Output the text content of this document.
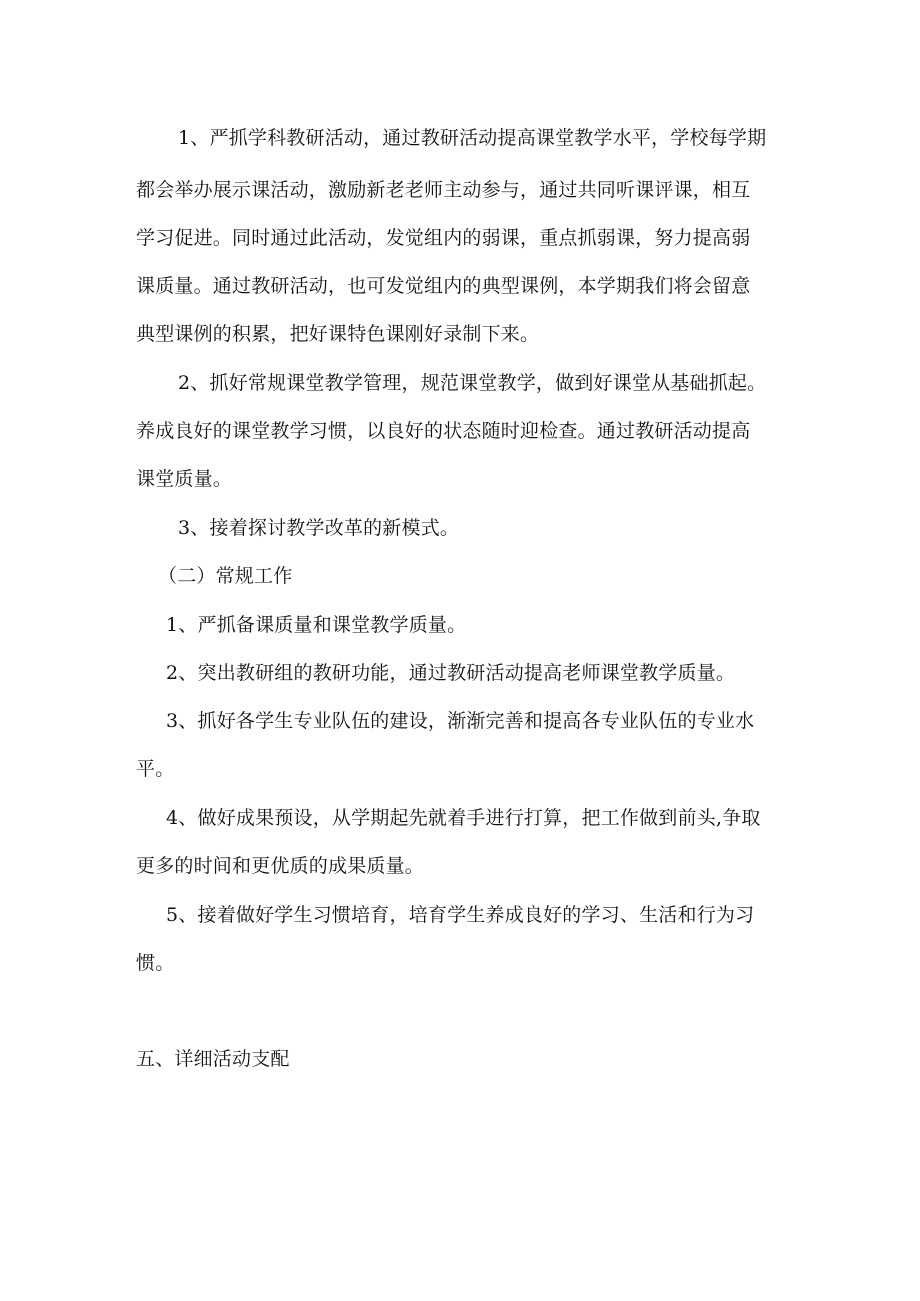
1、严抓学科教研活动，通过教研活动提高课堂教学水平，学校每学期
都会举办展示课活动，激励新老老师主动参与，通过共同听课评课，相互
学习促进。同时通过此活动，发觉组内的弱课，重点抓弱课，努力提高弱
课质量。通过教研活动，也可发觉组内的典型课例，本学期我们将会留意
典型课例的积累，把好课特色课刚好录制下来。
2、抓好常规课堂教学管理，规范课堂教学，做到好课堂从基础抓起。
养成良好的课堂教学习惯，以良好的状态随时迎检查。通过教研活动提高
课堂质量。
3、接着探讨教学改革的新模式。
（二）常规工作
1、严抓备课质量和课堂教学质量。
2、突出教研组的教研功能，通过教研活动提高老师课堂教学质量。
3、抓好各学生专业队伍的建设，渐渐完善和提高各专业队伍的专业水
平。
4、做好成果预设，从学期起先就着手进行打算，把工作做到前头,争取
更多的时间和更优质的成果质量。
5、接着做好学生习惯培育，培育学生养成良好的学习、生活和行为习
惯。
五、详细活动支配
